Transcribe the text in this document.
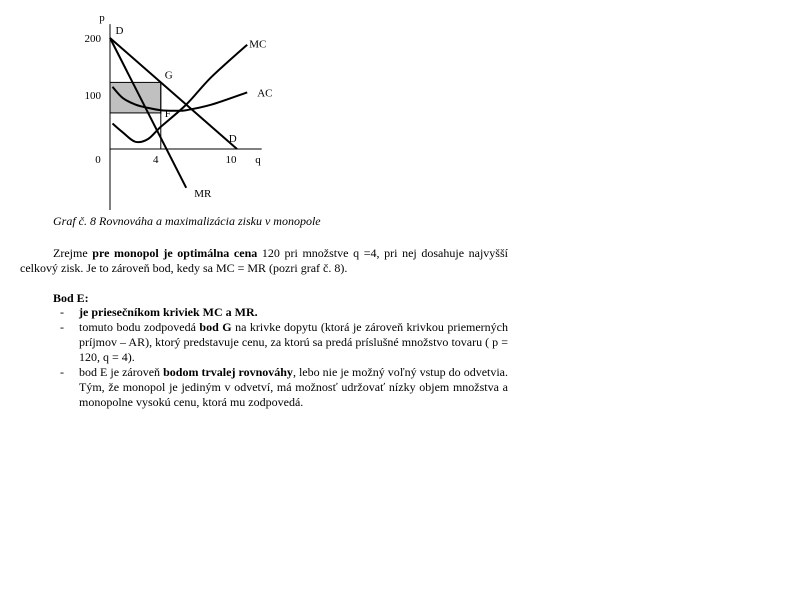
p
q
0
200
100
4	10
D
G
F
D
MC
AC
MR
Graf č. 8 Rovnováha a maximalizácia zisku v monopole
Zrejme pre monopol je optimálna cena 120 pri množstve q =4, pri nej dosahuje najvyšší celkový zisk. Je to zároveň bod, kedy sa MC = MR (pozri graf č. 8).
Bod E:
- je priesečníkom kriviek MC a MR.
- tomuto bodu zodpovedá bod G na krivke dopytu (ktorá je zároveň krivkou priemerných príjmov – AR), ktorý predstavuje cenu, za ktorú sa predá príslušné množstvo tovaru ( p = 120, q = 4).
- bod E je zároveň bodom trvalej rovnováhy, lebo nie je možný voľný vstup do odvetvia. Tým, že monopol je jediným v odvetví, má možnosť udržovať nízky objem množstva a monopolne vysokú cenu, ktorá mu zodpovedá.
